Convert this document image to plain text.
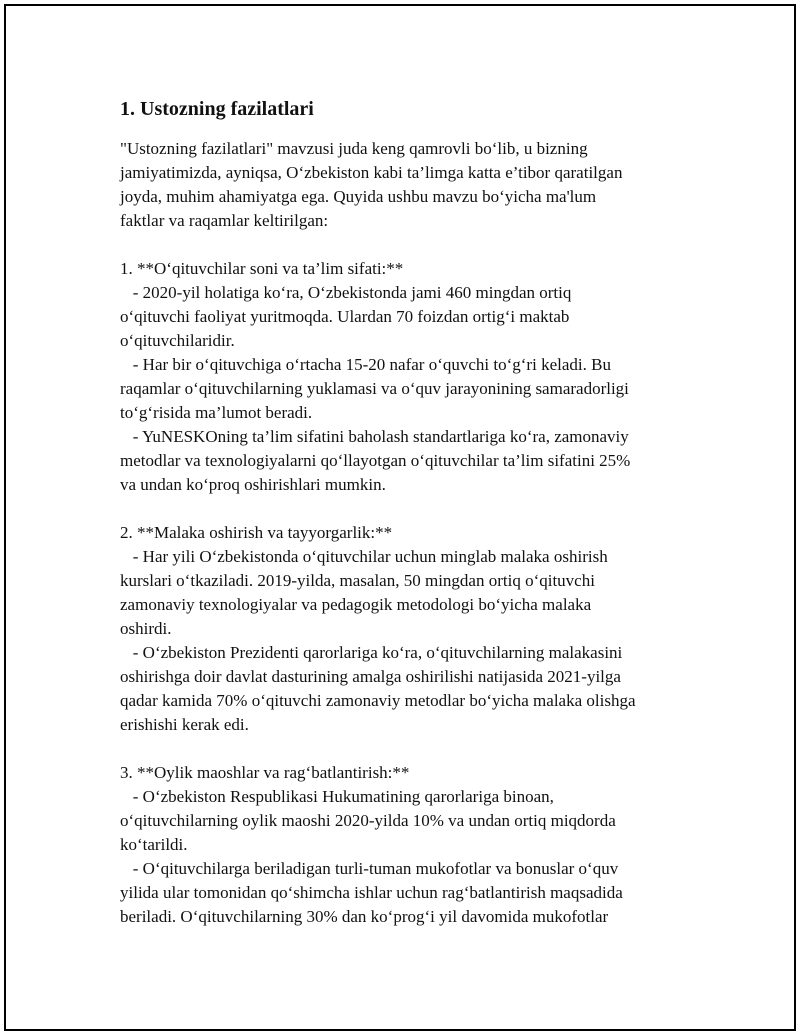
1. Ustozning fazilatlari

"Ustozning fazilatlari" mavzusi juda keng qamrovli bo‘lib, u bizning
jamiyatimizda, ayniqsa, O‘zbekiston kabi ta’limga katta e’tibor qaratilgan
joyda, muhim ahamiyatga ega. Quyida ushbu mavzu bo‘yicha ma'lum
faktlar va raqamlar keltirilgan:

1. **O‘qituvchilar soni va ta’lim sifati:**
- 2020-yil holatiga ko‘ra, O‘zbekistonda jami 460 mingdan ortiq
o‘qituvchi faoliyat yuritmoqda. Ulardan 70 foizdan ortig‘i maktab
o‘qituvchilaridir.
- Har bir o‘qituvchiga o‘rtacha 15-20 nafar o‘quvchi to‘g‘ri keladi. Bu
raqamlar o‘qituvchilarning yuklamasi va o‘quv jarayonining samaradorligi
to‘g‘risida ma’lumot beradi.
- YuNESKOning ta’lim sifatini baholash standartlariga ko‘ra, zamonaviy
metodlar va texnologiyalarni qo‘llayotgan o‘qituvchilar ta’lim sifatini 25%
va undan ko‘proq oshirishlari mumkin.

2. **Malaka oshirish va tayyorgarlik:**
- Har yili O‘zbekistonda o‘qituvchilar uchun minglab malaka oshirish
kurslari o‘tkaziladi. 2019-yilda, masalan, 50 mingdan ortiq o‘qituvchi
zamonaviy texnologiyalar va pedagogik metodologi bo‘yicha malaka
oshirdi.
- O‘zbekiston Prezidenti qarorlariga ko‘ra, o‘qituvchilarning malakasini
oshirishga doir davlat dasturining amalga oshirilishi natijasida 2021-yilga
qadar kamida 70% o‘qituvchi zamonaviy metodlar bo‘yicha malaka olishga
erishishi kerak edi.

3. **Oylik maoshlar va rag‘batlantirish:**
- O‘zbekiston Respublikasi Hukumatining qarorlariga binoan,
o‘qituvchilarning oylik maoshi 2020-yilda 10% va undan ortiq miqdorda
ko‘tarildi.
- O‘qituvchilarga beriladigan turli-tuman mukofotlar va bonuslar o‘quv
yilida ular tomonidan qo‘shimcha ishlar uchun rag‘batlantirish maqsadida
beriladi. O‘qituvchilarning 30% dan ko‘prog‘i yil davomida mukofotlar
